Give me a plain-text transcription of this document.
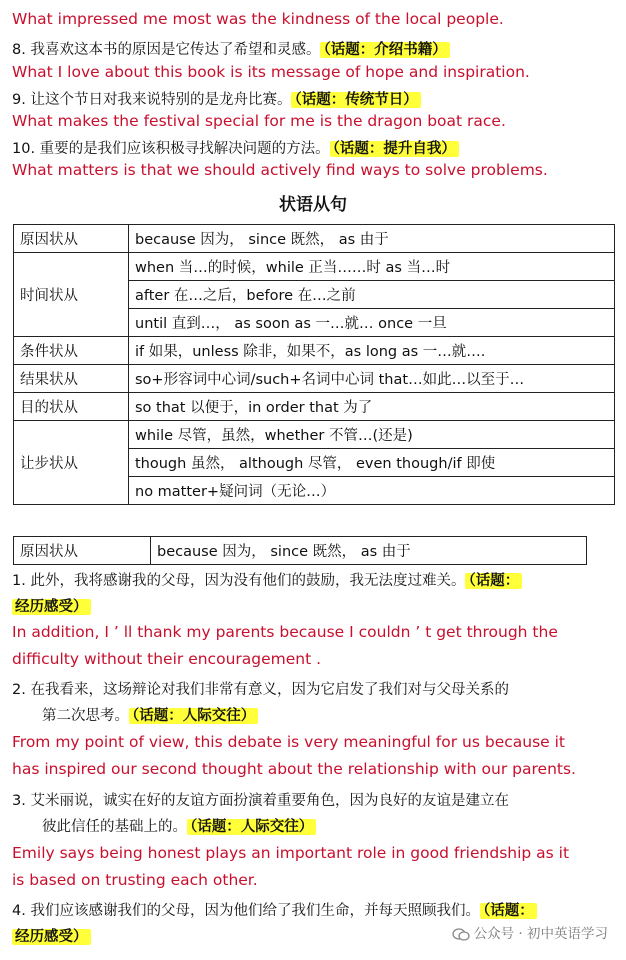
What impressed me most was the kindness of the local people.
8. 我喜欢这本书的原因是它传达了希望和灵感。 （话题：介绍书籍）
What I love about this book is its message of hope and inspiration.
9. 让这个节日对我来说特别的是龙舟比赛。 （话题：传统节日）
What makes the festival special for me is the dragon boat race.
10. 重要的是我们应该积极寻找解决问题的方法。 （话题：提升自我）
What matters is that we should actively find ways to solve problems.
状语从句
原因状从	because 因为， since 既然， as 由于
时间状从	when 当…的时候，while 正当……时 as 当…时
	after 在…之后，before 在…之前
	until 直到…， as soon as 一…就… once 一旦
条件状从	if 如果，unless 除非，如果不，as long as 一…就….
结果状从	so+形容词中心词/such+名词中心词 that…如此…以至于…
目的状从	so that 以便于，in order that 为了
让步状从	while 尽管，虽然，whether 不管…(还是)
	though 虽然， although 尽管， even though/if 即使
	no matter+疑问词（无论…）
原因状从	because 因为， since 既然， as 由于
1. 此外，我将感谢我的父母，因为没有他们的鼓励，我无法度过难关。 （话题：
经历感受）
In addition, I ’ ll thank my parents because I couldn ’ t get through the
difficulty without their encouragement .
2. 在我看来，这场辩论对我们非常有意义，因为它启发了我们对与父母关系的
第二次思考。 （话题：人际交往）
From my point of view, this debate is very meaningful for us because it
has inspired our second thought about the relationship with our parents.
3. 艾米丽说，诚实在好的友谊方面扮演着重要角色，因为良好的友谊是建立在
彼此信任的基础上的。 （话题：人际交往）
Emily says being honest plays an important role in good friendship as it
is based on trusting each other.
4. 我们应该感谢我们的父母，因为他们给了我们生命，并每天照顾我们。 （话题：
经历感受）	公众号 · 初中英语学习
